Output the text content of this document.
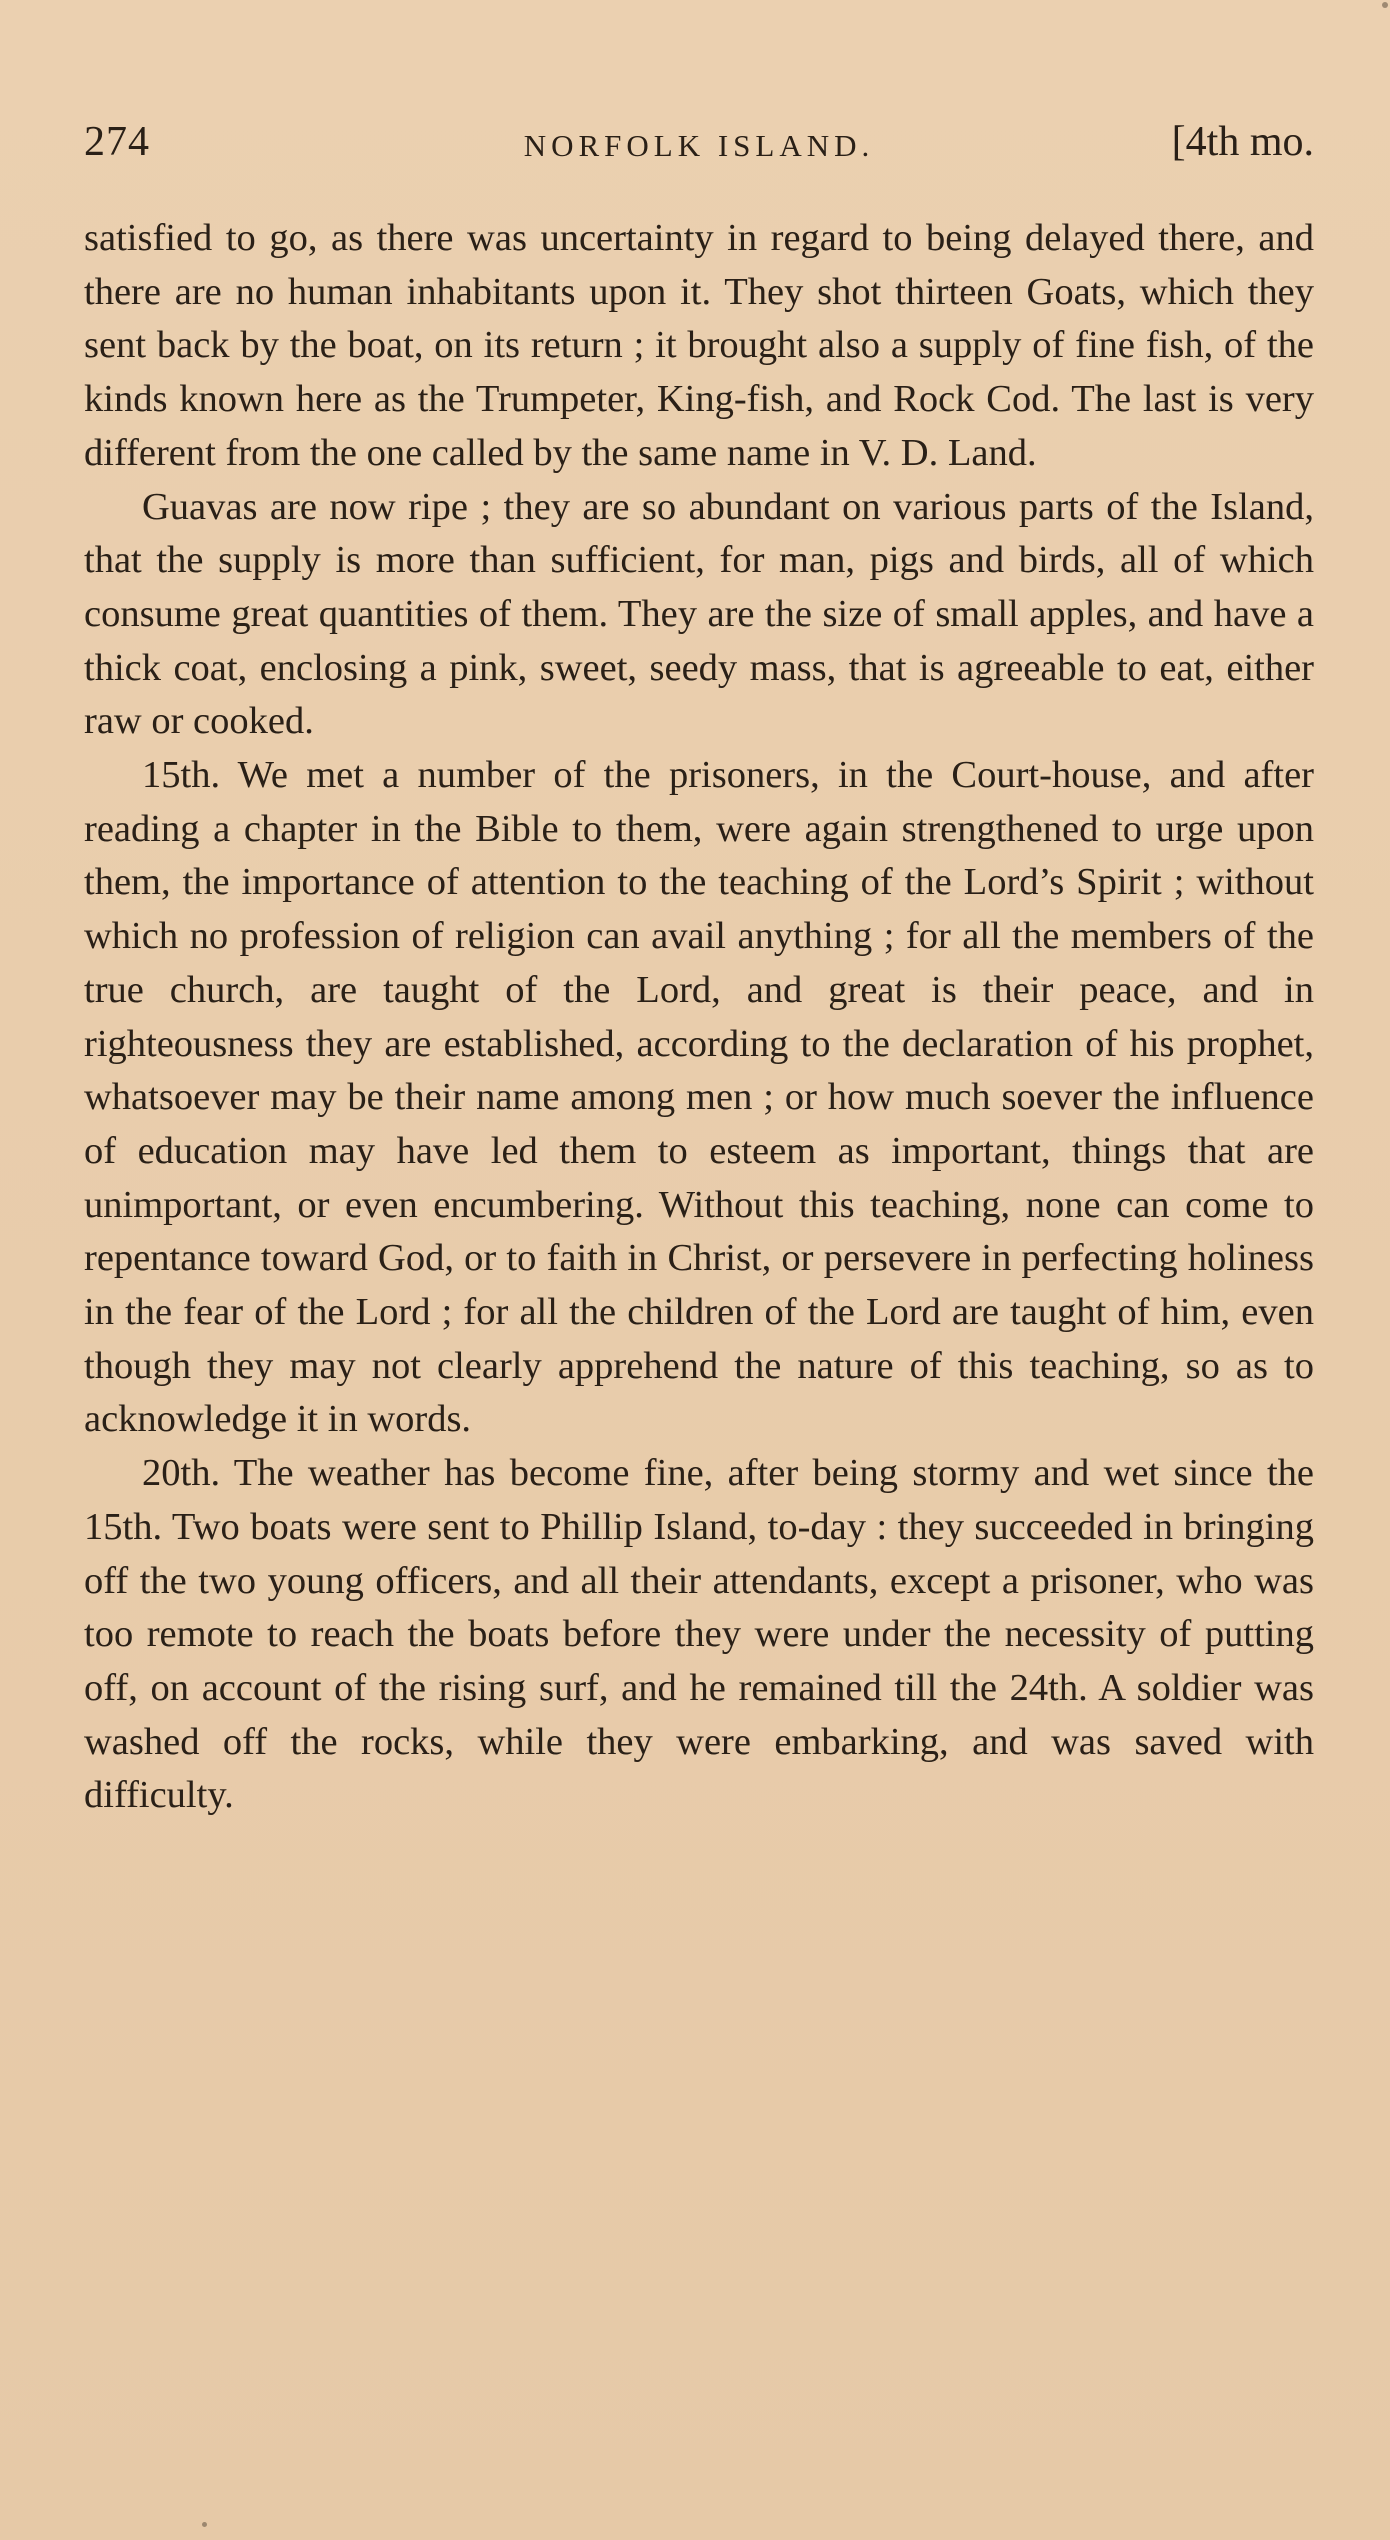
274	NORFOLK ISLAND.	[4th mo.

satisfied to go, as there was uncertainty in regard to being delayed there, and there are no human inhabitants upon it. They shot thirteen Goats, which they sent back by the boat, on its return ; it brought also a supply of fine fish, of the kinds known here as the Trumpeter, King-fish, and Rock Cod. The last is very different from the one called by the same name in V. D. Land.

Guavas are now ripe ; they are so abundant on various parts of the Island, that the supply is more than sufficient, for man, pigs and birds, all of which consume great quantities of them. They are the size of small apples, and have a thick coat, enclosing a pink, sweet, seedy mass, that is agreeable to eat, either raw or cooked.

15th. We met a number of the prisoners, in the Court-house, and after reading a chapter in the Bible to them, were again strengthened to urge upon them, the importance of attention to the teaching of the Lord’s Spirit ; without which no profession of religion can avail anything ; for all the members of the true church, are taught of the Lord, and great is their peace, and in righteousness they are established, according to the declaration of his prophet, whatsoever may be their name among men ; or how much soever the influence of education may have led them to esteem as important, things that are unimportant, or even encumbering. Without this teaching, none can come to repentance toward God, or to faith in Christ, or persevere in perfecting holiness in the fear of the Lord ; for all the children of the Lord are taught of him, even though they may not clearly apprehend the nature of this teaching, so as to acknowledge it in words.

20th. The weather has become fine, after being stormy and wet since the 15th. Two boats were sent to Phillip Island, to-day : they succeeded in bringing off the two young officers, and all their attendants, except a prisoner, who was too remote to reach the boats before they were under the necessity of putting off, on account of the rising surf, and he remained till the 24th. A soldier was washed off the rocks, while they were embarking, and was saved with difficulty.
